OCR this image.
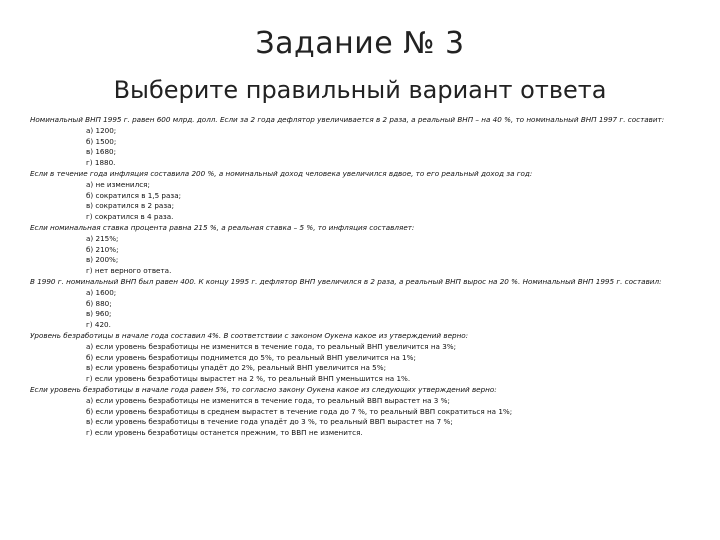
Задание № 3
Выберите правильный вариант ответа
Номинальный ВНП 1995 г. равен 600 млрд. долл. Если за 2 года дефлятор увеличивается в 2 раза, а реальный ВНП – на 40 %, то номинальный ВНП 1997 г. составит:
а) 1200;
б) 1500;
в) 1680;
г) 1880.
Если в течение года инфляция составила 200 %, а номинальный доход человека увеличился вдвое, то его реальный доход за год:
а) не изменился;
б) сократился в 1,5 раза;
в) сократился в 2 раза;
г) сократился в 4 раза.
Если номинальная ставка процента равна 215 %, а реальная ставка – 5 %, то инфляция составляет:
а) 215%;
б) 210%;
в) 200%;
г) нет верного ответа.
В 1990 г. номинальный ВНП был равен 400. К концу 1995 г. дефлятор ВНП увеличился в 2 раза, а реальный ВНП вырос на 20 %. Номинальный ВНП 1995 г. составил:
а) 1600;
б) 880;
в) 960;
г) 420.
Уровень безработицы в начале года составил 4%. В соответствии с законом Оукена какое из утверждений верно:
а) если уровень безработицы не изменится в течение года, то реальный ВНП увеличится на 3%;
б) если уровень безработицы поднимется до 5%, то реальный ВНП увеличится на 1%;
в) если уровень безработицы упадёт до 2%, реальный ВНП увеличится на 5%;
г) если уровень безработицы вырастет на 2 %, то реальный ВНП уменьшится на 1%.
Если уровень безработицы в начале года равен 5%, то согласно закону Оукена какое из следующих утверждений верно:
а) если уровень безработицы не изменится в течение года, то реальный ВВП вырастет на 3 %;
б) если уровень безработицы в среднем вырастет в течение года до 7 %, то реальный ВВП сократиться на 1%;
в) если уровень безработицы в течение года упадёт до 3 %, то реальный ВВП вырастет на 7 %;
г) если уровень безработицы останется прежним, то ВВП не изменится.
